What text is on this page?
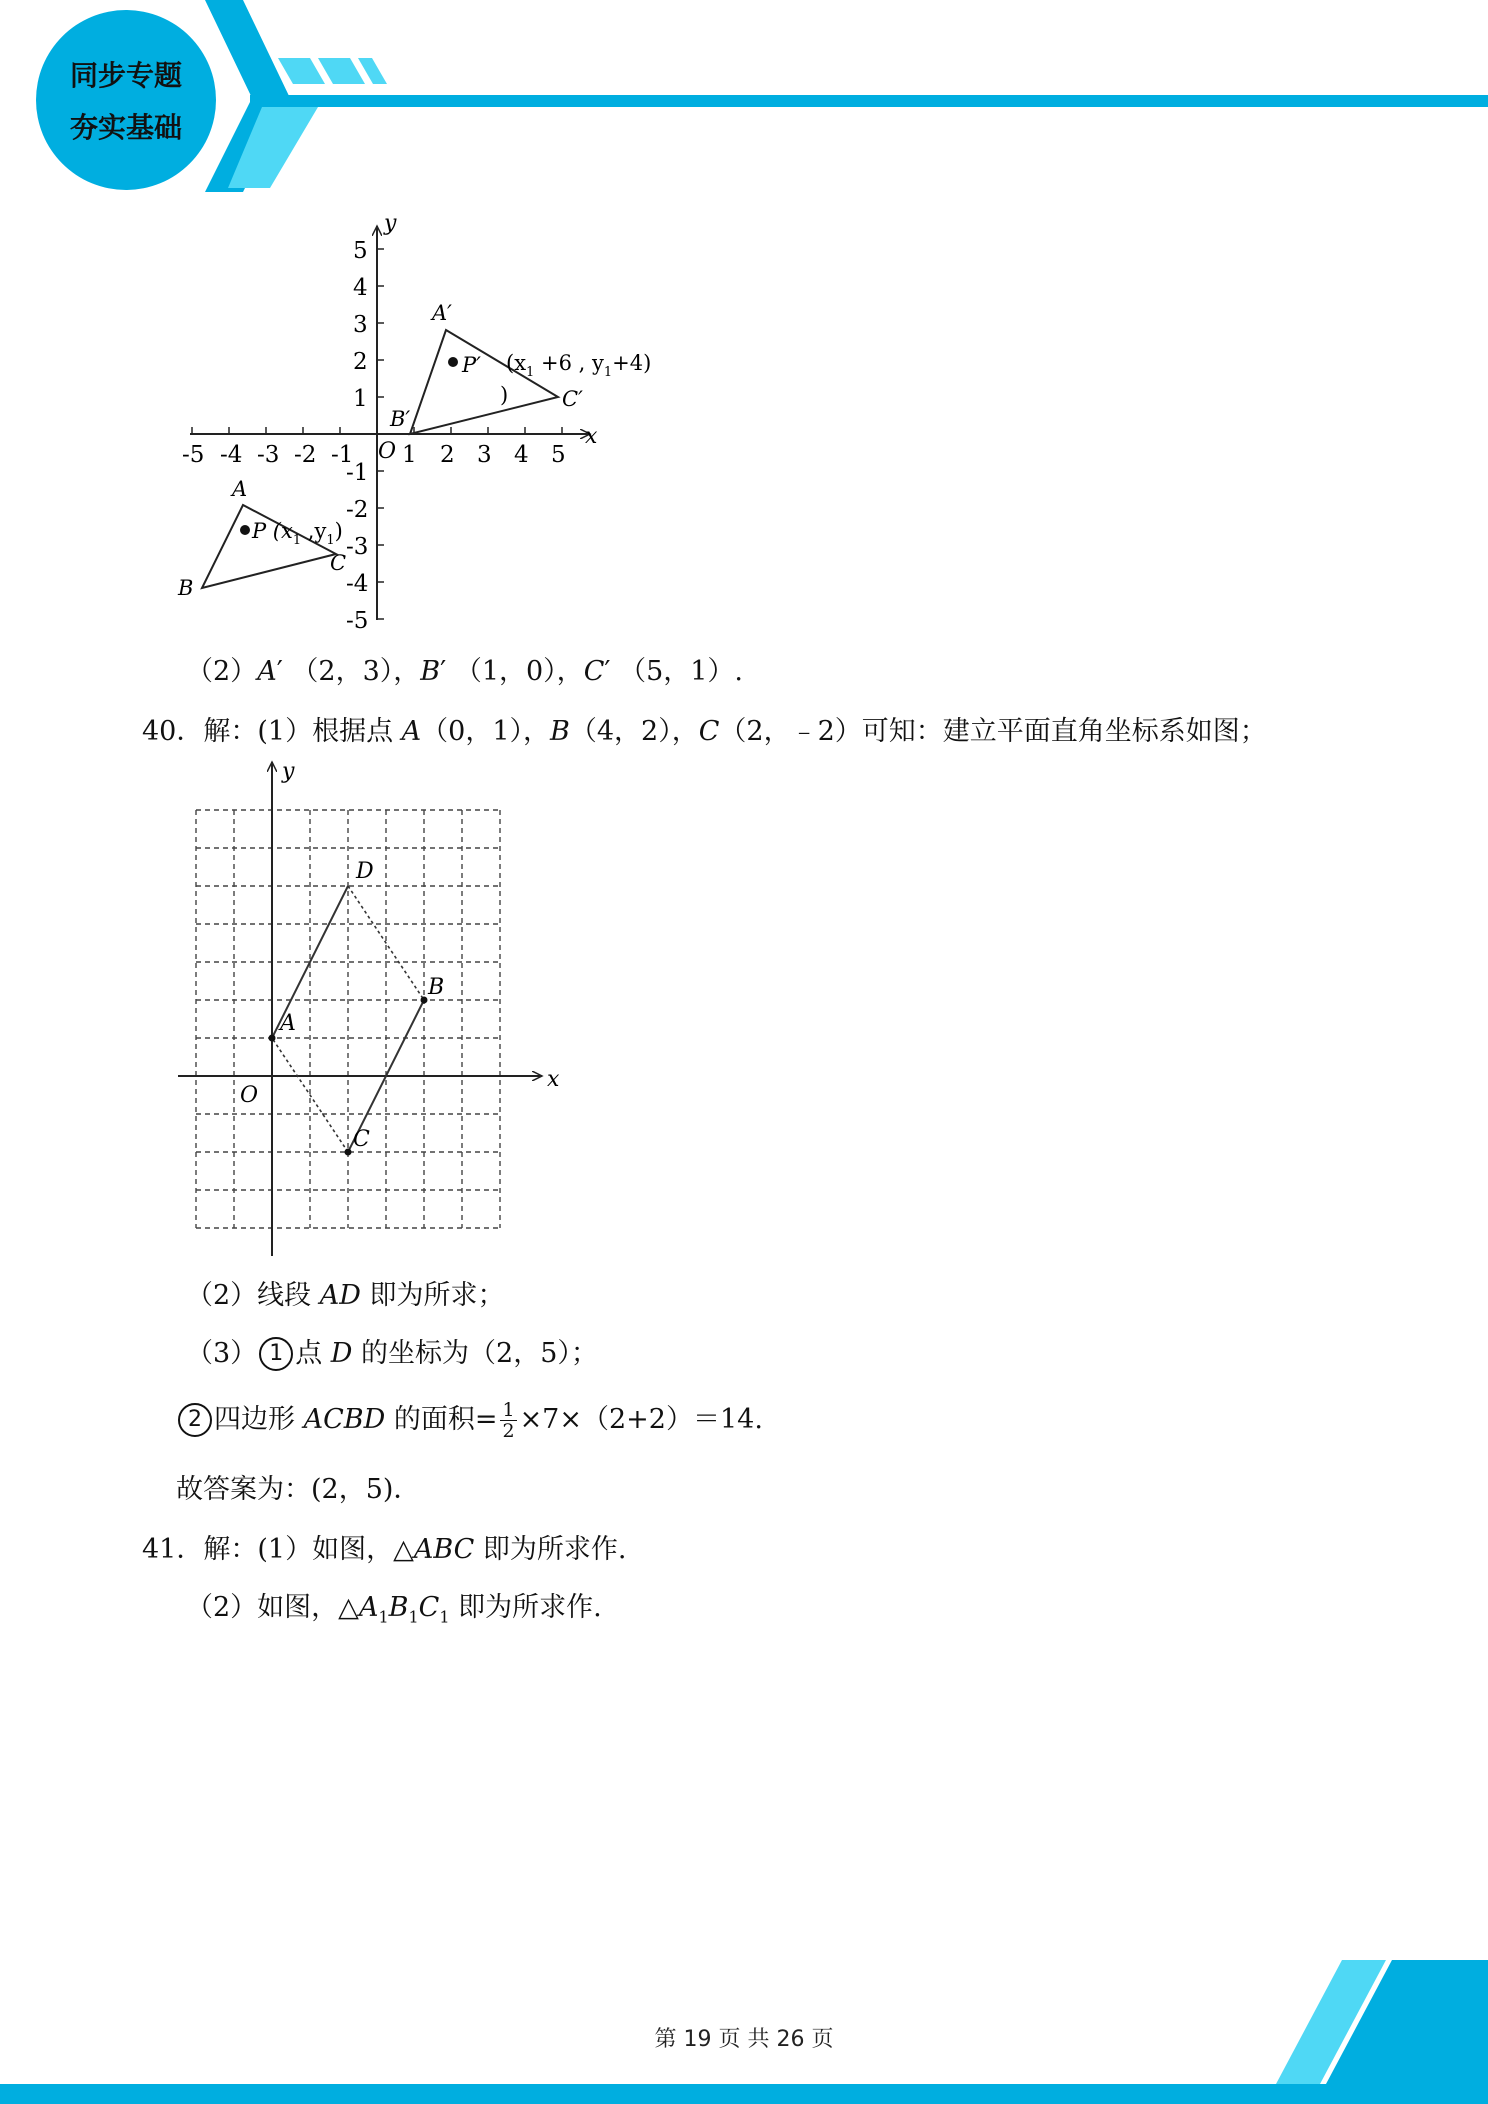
同步专题
夯实基础
x
y
O
-5 -4 -3 -2 -1 1 2 3 4 5
5
4
3
2
1
-1
-2
-3
-4
-5
A
B
C
P ($x_1$ $,y_1$)
A′
B′
C′
P′ ($x_1 +6$ , $y_1+4$)
)
（2）A′ （2，3），B′ （1，0），C′ （5，1）.
40．解：(1）根据点 A（0，1），B（4，2），C（2，﹣2）可知：建立平面直角坐标系如图；
x
y
O
A
B
C
D
（2）线段 AD 即为所求；
（3） 1 点 D 的坐标为（2，5）；
2 四边形 ACBD 的面积= $\frac{1}{2} \times 7\times(2+2)=14$.
故答案为：(2，5)．
41．解：(1）如图，△ABC 即为所求作.
（2）如图，$\triangle A_1B_1C_1$ 即为所求作.
第 19 页 共 26 页
